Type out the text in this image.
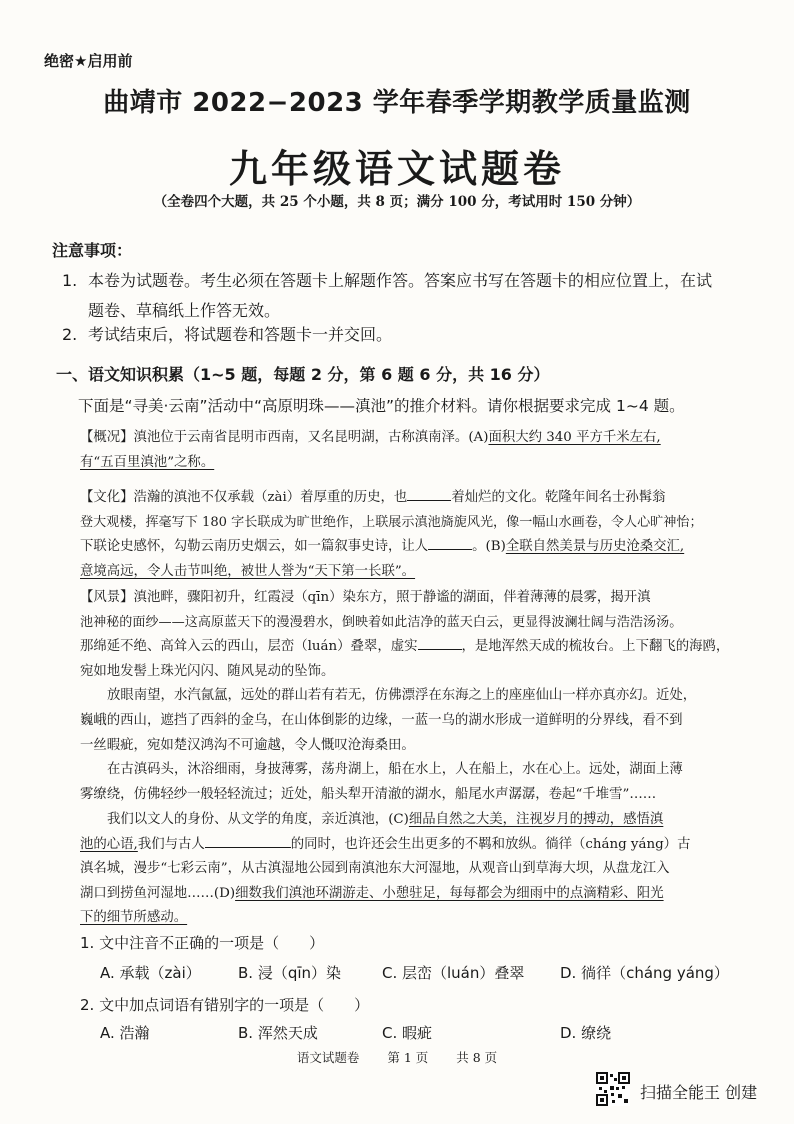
绝密★启用前
曲靖市 2022−2023 学年春季学期教学质量监测
九年级语文试题卷
（全卷四个大题，共 25 个小题，共 8 页；满分 100 分，考试用时 150 分钟）
注意事项：
1. 本卷为试题卷。考生必须在答题卡上解题作答。答案应书写在答题卡的相应位置上，在试
题卷、草稿纸上作答无效。
2. 考试结束后，将试题卷和答题卡一并交回。
一、语文知识积累（1~5 题，每题 2 分，第 6 题 6 分，共 16 分）
下面是“寻美·云南”活动中“高原明珠——滇池”的推介材料。请你根据要求完成 1~4 题。
【概况】滇池位于云南省昆明市西南，又名昆明湖，古称滇南泽。(A)面积大约 340 平方千米左右,
有“五百里滇池”之称。
【文化】浩瀚的滇池不仅承载（zài）着厚重的历史，也	着灿烂的文化。乾隆年间名士孙髯翁
登大观楼，挥毫写下 180 字长联成为旷世绝作，上联展示滇池旖旎风光，像一幅山水画卷，令人心旷神怡；
下联论史感怀，勾勒云南历史烟云，如一篇叙事史诗，让人	。(B)全联自然美景与历史沧桑交汇,
意境高远，令人击节叫绝，被世人誉为“天下第一长联”。
【风景】滇池畔，骤阳初升，红霞浸（qīn）染东方，照于静谧的湖面，伴着薄薄的晨雾，揭开滇
池神秘的面纱——这高原蓝天下的漫漫碧水，倒映着如此洁净的蓝天白云，更显得波澜壮阔与浩浩汤汤。
那绵延不绝、高耸入云的西山，层峦（luán）叠翠，虚实	，是地浑然天成的梳妆台。上下翻飞的海鸥，
宛如地发髻上珠光闪闪、随风晃动的坠饰。
放眼南望，水汽氤氲，远处的群山若有若无，仿佛漂浮在东海之上的座座仙山一样亦真亦幻。近处，
巍峨的西山，遮挡了西斜的金乌，在山体倒影的边缘，一蓝一乌的湖水形成一道鲜明的分界线，看不到
一丝暇疵，宛如楚汉鸿沟不可逾越，令人慨叹沧海桑田。
在古滇码头，沐浴细雨，身披薄雾，荡舟湖上，船在水上，人在船上，水在心上。远处，湖面上薄
雾缭绕，仿佛轻纱一般轻轻流过；近处，船头犁开清澈的湖水，船尾水声潺潺，卷起“千堆雪”……
我们以文人的身份、从文学的角度，亲近滇池，(C)细品自然之大美，注视岁月的搏动，感悟滇
池的心语,我们与古人	的同时，也许还会生出更多的不羁和放纵。徜徉（cháng yáng）古
滇名城，漫步“七彩云南”，从古滇湿地公园到南滇池东大河湿地，从观音山到草海大坝，从盘龙江入
湖口到捞鱼河湿地……(D)细数我们滇池环湖游走、小憩驻足，每每都会为细雨中的点滴精彩、阳光
下的细节所感动。
1. 文中注音不正确的一项是（　　）
A. 承载（zài） B. 浸（qīn）染	C. 层峦（luán）叠翠 D. 徜徉（cháng yáng）
语文试题卷 第 1 页 共 8 页
扫描全能王 创建
2. 文中加点词语有错别字的一项是（　　）
A. 浩瀚	B. 浑然天成	C. 暇疵	D. 缭绕
